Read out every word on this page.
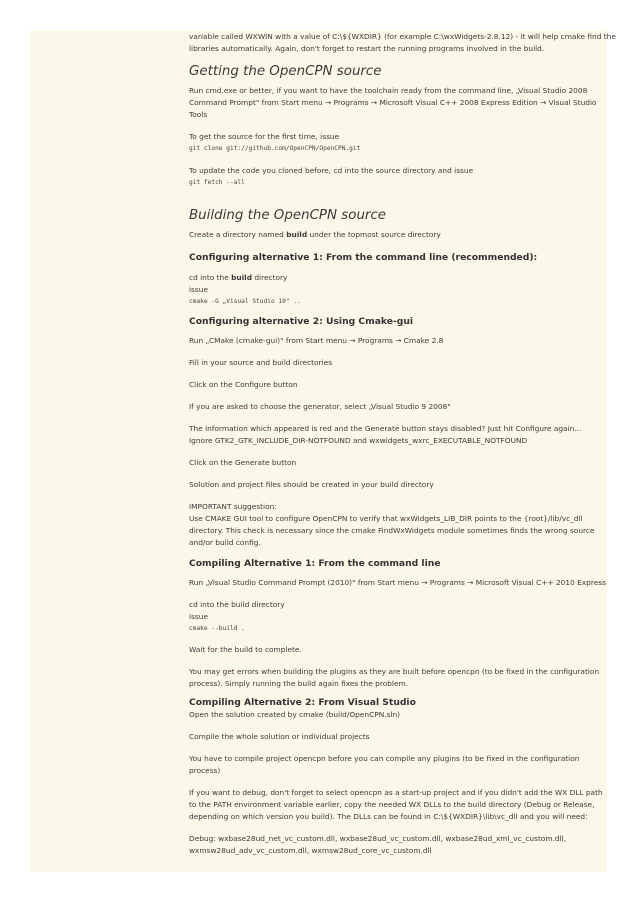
variable called WXWIN with a value of C:\${WXDIR} (for example C:\wxWidgets-2.8.12) - it will help cmake find the

libraries automatically. Again, don't forget to restart the running programs involved in the build.

Getting the OpenCPN source

Run cmd.exe or better, if you want to have the toolchain ready from the command line, „Visual Studio 2008 Command Prompt" from Start menu → Programs → Microsoft Visual C++ 2008 Express Edition → Visual Studio Tools

To get the source for the first time, issue

git clone git://github.com/OpenCPN/OpenCPN.git

To update the code you cloned before, cd into the source directory and issue

git fetch --all

Building the OpenCPN source

Create a directory named build under the topmost source directory

Configuring alternative 1: From the command line (recommended):

cd into the build directory

issue

cmake -G „Visual Studio 10" ..

Configuring alternative 2: Using Cmake-gui

Run „CMake (cmake-gui)" from Start menu → Programs → Cmake 2.8

Fill in your source and build directories

Click on the Configure button

If you are asked to choose the generator, select „Visual Studio 9 2008"

The information which appeared is red and the Generate button stays disabled? Just hit Configure again... Ignore GTK2_GTK_INCLUDE_DIR-NOTFOUND and wxwidgets_wxrc_EXECUTABLE_NOTFOUND

Click on the Generate button

Solution and project files should be created in your build directory

IMPORTANT suggestion:

Use CMAKE GUI tool to configure OpenCPN to verify that wxWidgets_LIB_DIR points to the {root}/lib/vc_dll directory. This check is necessary since the cmake FindWxWidgets module sometimes finds the wrong source and/or build config.

Compiling Alternative 1: From the command line

Run „Visual Studio Command Prompt (2010)" from Start menu → Programs → Microsoft Visual C++ 2010 Express

cd into the build directory

issue

cmake --build .

Wait for the build to complete.

You may get errors when building the plugins as they are built before opencpn (to be fixed in the configuration process). Simply running the build again fixes the problem.

Compiling Alternative 2: From Visual Studio

Open the solution created by cmake (build/OpenCPN.sln)

Compile the whole solution or individual projects

You have to compile project opencpn before you can compile any plugins (to be fixed in the configuration process)

If you want to debug, don't forget to select opencpn as a start-up project and if you didn't add the WX DLL path to the PATH environment variable earlier, copy the needed WX DLLs to the build directory (Debug or Release, depending on which version you build). The DLLs can be found in C:\${WXDIR}\lib\vc_dll and you will need:

Debug: wxbase28ud_net_vc_custom.dll, wxbase28ud_vc_custom.dll, wxbase28ud_xml_vc_custom.dll, wxmsw28ud_adv_vc_custom.dll, wxmsw28ud_core_vc_custom.dll
